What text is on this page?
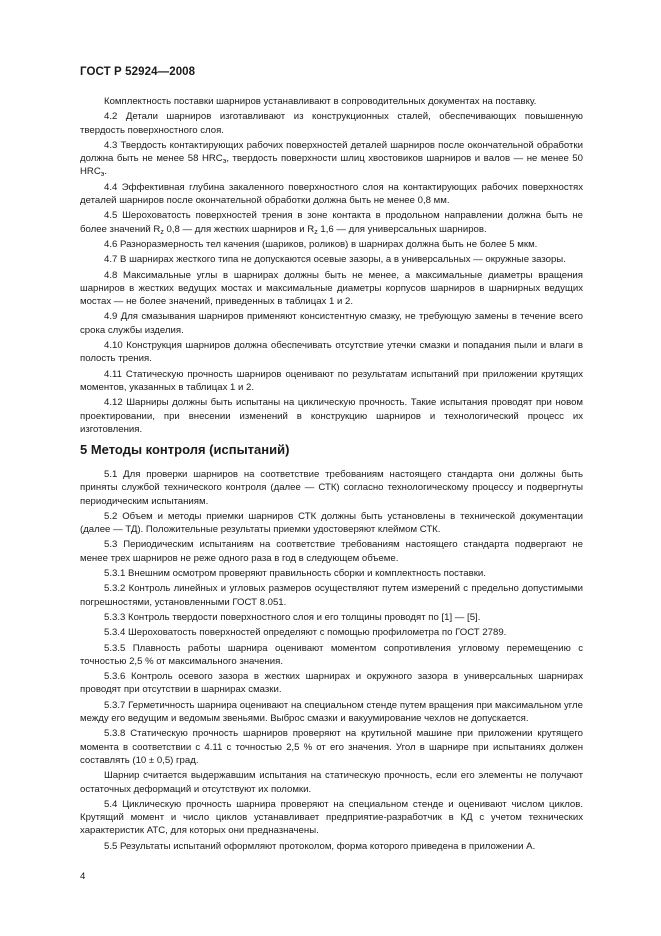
ГОСТ Р 52924—2008

Комплектность поставки шарниров устанавливают в сопроводительных документах на поставку.

4.2 Детали шарниров изготавливают из конструкционных сталей, обеспечивающих повышенную твердость поверхностного слоя.

4.3 Твердость контактирующих рабочих поверхностей деталей шарниров после окончательной обработки должна быть не менее 58 $HRC_э$, твердость поверхности шлиц хвостовиков шарниров и валов — не менее 50 $HRC_э$.

4.4 Эффективная глубина закаленного поверхностного слоя на контактирующих рабочих поверхностях деталей шарниров после окончательной обработки должна быть не менее 0,8 мм.

4.5 Шероховатость поверхностей трения в зоне контакта в продольном направлении должна быть не более значений $R_z$ 0,8 — для жестких шарниров и $R_z$ 1,6 — для универсальных шарниров.

4.6 Разноразмерность тел качения (шариков, роликов) в шарнирах должна быть не более 5 мкм.

4.7 В шарнирах жесткого типа не допускаются осевые зазоры, а в универсальных — окружные зазоры.

4.8 Максимальные углы в шарнирах должны быть не менее, а максимальные диаметры вращения шарниров в жестких ведущих мостах и максимальные диаметры корпусов шарниров в шарнирных ведущих мостах — не более значений, приведенных в таблицах 1 и 2.

4.9 Для смазывания шарниров применяют консистентную смазку, не требующую замены в течение всего срока службы изделия.

4.10 Конструкция шарниров должна обеспечивать отсутствие утечки смазки и попадания пыли и влаги в полость трения.

4.11 Статическую прочность шарниров оценивают по результатам испытаний при приложении крутящих моментов, указанных в таблицах 1 и 2.

4.12 Шарниры должны быть испытаны на циклическую прочность. Такие испытания проводят при новом проектировании, при внесении изменений в конструкцию шарниров и технологический процесс их изготовления.

5 Методы контроля (испытаний)

5.1 Для проверки шарниров на соответствие требованиям настоящего стандарта они должны быть приняты службой технического контроля (далее — СТК) согласно технологическому процессу и подвергнуты периодическим испытаниям.

5.2 Объем и методы приемки шарниров СТК должны быть установлены в технической документации (далее — ТД). Положительные результаты приемки удостоверяют клеймом СТК.

5.3 Периодическим испытаниям на соответствие требованиям настоящего стандарта подвергают не менее трех шарниров не реже одного раза в год в следующем объеме.

5.3.1 Внешним осмотром проверяют правильность сборки и комплектность поставки.

5.3.2 Контроль линейных и угловых размеров осуществляют путем измерений с предельно допустимыми погрешностями, установленными ГОСТ 8.051.

5.3.3 Контроль твердости поверхностного слоя и его толщины проводят по [1] — [5].

5.3.4 Шероховатость поверхностей определяют с помощью профилометра по ГОСТ 2789.

5.3.5 Плавность работы шарнира оценивают моментом сопротивления угловому перемещению с точностью 2,5 % от максимального значения.

5.3.6 Контроль осевого зазора в жестких шарнирах и окружного зазора в универсальных шарнирах проводят при отсутствии в шарнирах смазки.

5.3.7 Герметичность шарнира оценивают на специальном стенде путем вращения при максимальном угле между его ведущим и ведомым звеньями. Выброс смазки и вакуумирование чехлов не допускается.

5.3.8 Статическую прочность шарниров проверяют на крутильной машине при приложении крутящего момента в соответствии с 4.11 с точностью 2,5 % от его значения. Угол в шарнире при испытаниях должен составлять (10 ± 0,5) град.

Шарнир считается выдержавшим испытания на статическую прочность, если его элементы не получают остаточных деформаций и отсутствуют их поломки.

5.4 Циклическую прочность шарнира проверяют на специальном стенде и оценивают числом циклов. Крутящий момент и число циклов устанавливает предприятие-разработчик в КД с учетом технических характеристик АТС, для которых они предназначены.

5.5 Результаты испытаний оформляют протоколом, форма которого приведена в приложении А.

4
